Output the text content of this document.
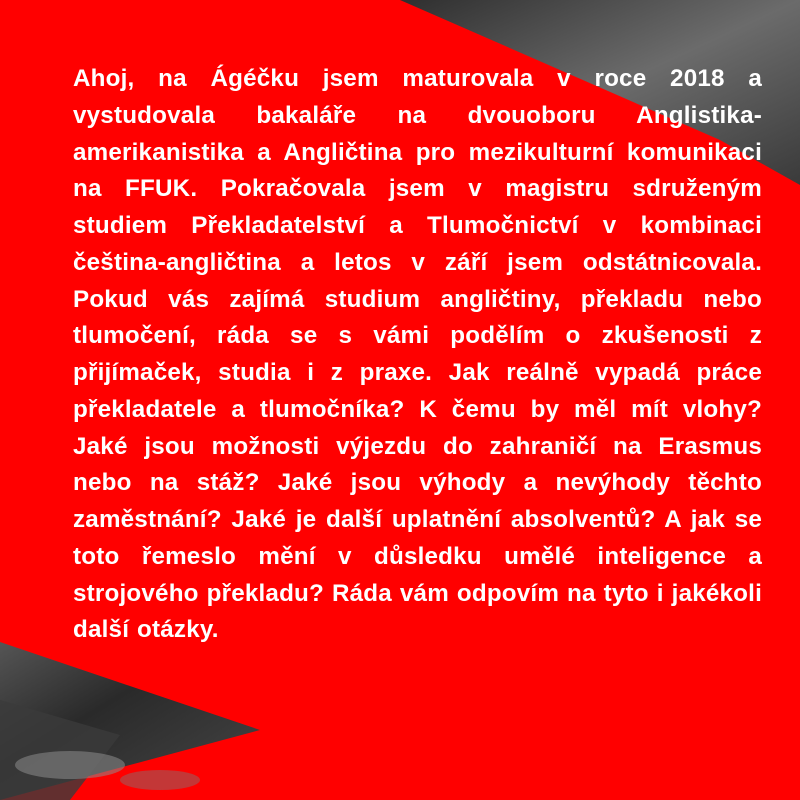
Ahoj, na Ágéčku jsem maturovala v roce 2018 a vystudovala bakaláře na dvouoboru Anglistika-amerikanistika a Angličtina pro mezikulturní komunikaci na FFUK. Pokračovala jsem v magistru sdruženým studiem Překladatelství a Tlumočnictví v kombinaci čeština-angličtina a letos v září jsem odstátnicovala. Pokud vás zajímá studium angličtiny, překladu nebo tlumočení, ráda se s vámi podělím o zkušenosti z přijímaček, studia i z praxe. Jak reálně vypadá práce překladatele a tlumočníka? K čemu by měl mít vlohy? Jaké jsou možnosti výjezdu do zahraničí na Erasmus nebo na stáž? Jaké jsou výhody a nevýhody těchto zaměstnání? Jaké je další uplatnění absolventů? A jak se toto řemeslo mění v důsledku umělé inteligence a strojového překladu? Ráda vám odpovím na tyto i jakékoli další otázky.
